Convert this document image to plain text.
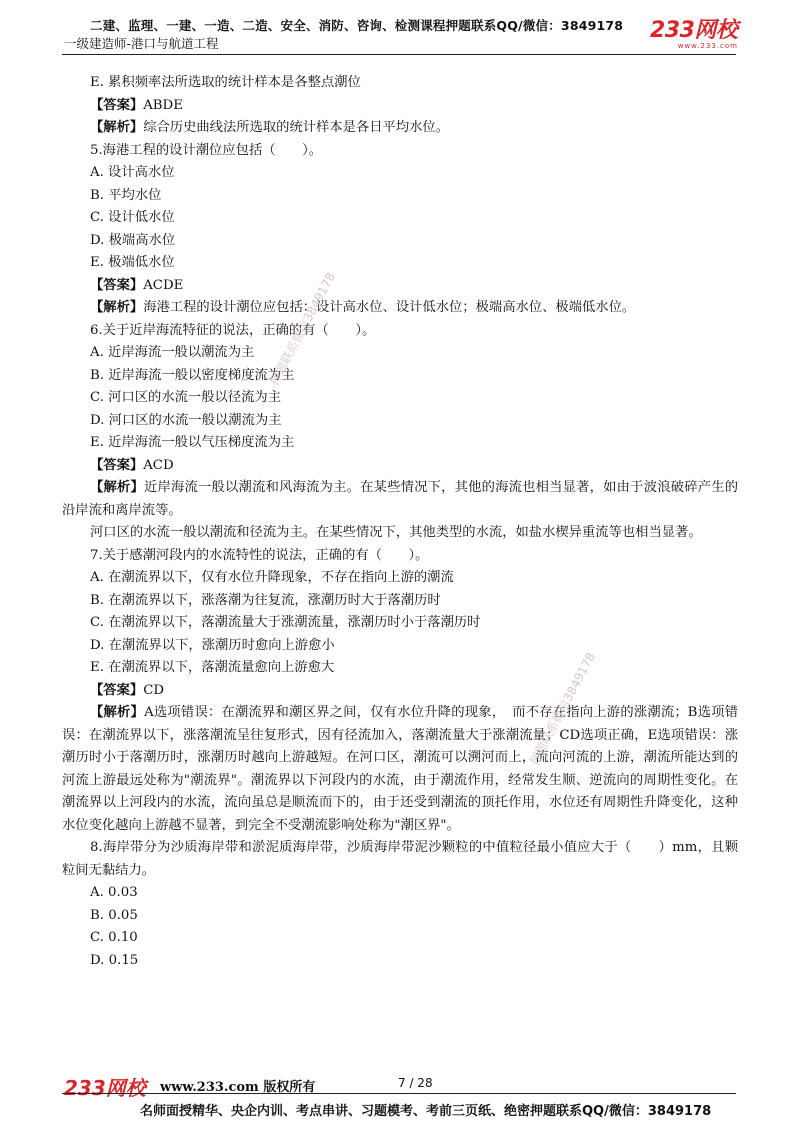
二建、监理、一建、一造、二造、安全、消防、咨询、检测课程押题联系QQ/微信：3849178
一级建造师-港口与航道工程
233网校
www.233.com
E. 累积频率法所选取的统计样本是各整点潮位
【答案】ABDE
【解析】综合历史曲线法所选取的统计样本是各日平均水位。
5.海港工程的设计潮位应包括（　　）。
A. 设计高水位
B. 平均水位
C. 设计低水位
D. 极端高水位
E. 极端低水位
【答案】ACDE
【解析】海港工程的设计潮位应包括：设计高水位、设计低水位；极端高水位、极端低水位。
6.关于近岸海流特征的说法，正确的有（　　）。
A. 近岸海流一般以潮流为主
B. 近岸海流一般以密度梯度流为主
C. 河口区的水流一般以径流为主
D. 河口区的水流一般以潮流为主
E. 近岸海流一般以气压梯度流为主
【答案】ACD
【解析】近岸海流一般以潮流和风海流为主。在某些情况下，其他的海流也相当显著，如由于波浪破碎产生的沿岸流和离岸流等。
河口区的水流一般以潮流和径流为主。在某些情况下，其他类型的水流，如盐水楔异重流等也相当显著。
7.关于感潮河段内的水流特性的说法，正确的有（　　）。
A. 在潮流界以下，仅有水位升降现象，不存在指向上游的潮流
B. 在潮流界以下，涨落潮为往复流，涨潮历时大于落潮历时
C. 在潮流界以下，落潮流量大于涨潮流量，涨潮历时小于落潮历时
D. 在潮流界以下，涨潮历时愈向上游愈小
E. 在潮流界以下，落潮流量愈向上游愈大
【答案】CD
【解析】A选项错误：在潮流界和潮区界之间，仅有水位升降的现象，　而不存在指向上游的涨潮流；B选项错误：在潮流界以下，涨落潮流呈往复形式，因有径流加入，落潮流量大于涨潮流量；CD选项正确，E选项错误：涨潮历时小于落潮历时，涨潮历时越向上游越短。在河口区，潮流可以溯河而上，流向河流的上游，潮流所能达到的河流上游最远处称为"潮流界"。潮流界以下河段内的水流，由于潮流作用，经常发生顺、逆流向的周期性变化。在潮流界以上河段内的水流，流向虽总是顺流而下的，由于还受到潮流的顶托作用，水位还有周期性升降变化，这种水位变化越向上游越不显著，到完全不受潮流影响处称为"潮区界"。
8.海岸带分为沙质海岸带和淤泥质海岸带，沙质海岸带泥沙颗粒的中值粒径最小值应大于（　　）mm，且颗粒间无黏结力。
A. 0.03
B. 0.05
C. 0.10
D. 0.15
押题联系微信3849178
押题联系微信3849178
233网校 www.233.com 版权所有	7 / 28
名师面授精华、央企内训、考点串讲、习题模考、考前三页纸、绝密押题联系QQ/微信：3849178
